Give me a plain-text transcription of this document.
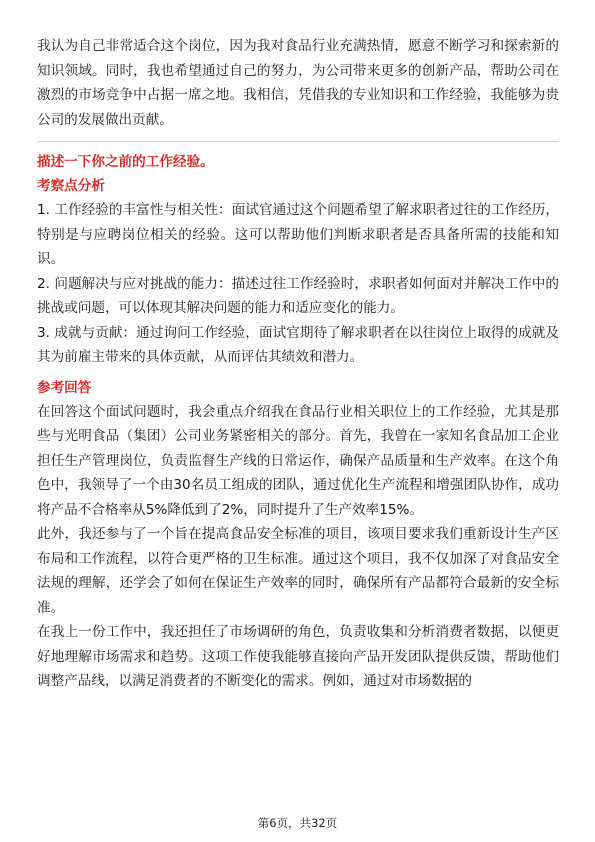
我认为自己非常适合这个岗位，因为我对食品行业充满热情，愿意不断学习和探索新的知识领域。同时，我也希望通过自己的努力，为公司带来更多的创新产品，帮助公司在激烈的市场竞争中占据一席之地。我相信，凭借我的专业知识和工作经验，我能够为贵公司的发展做出贡献。

描述一下你之前的工作经验。
考察点分析

1. 工作经验的丰富性与相关性：面试官通过这个问题希望了解求职者过往的工作经历，特别是与应聘岗位相关的经验。这可以帮助他们判断求职者是否具备所需的技能和知识。

2. 问题解决与应对挑战的能力：描述过往工作经验时，求职者如何面对并解决工作中的挑战或问题，可以体现其解决问题的能力和适应变化的能力。

3. 成就与贡献：通过询问工作经验，面试官期待了解求职者在以往岗位上取得的成就及其为前雇主带来的具体贡献，从而评估其绩效和潜力。

参考回答

在回答这个面试问题时，我会重点介绍我在食品行业相关职位上的工作经验，尤其是那些与光明食品（集团）公司业务紧密相关的部分。首先，我曾在一家知名食品加工企业担任生产管理岗位，负责监督生产线的日常运作，确保产品质量和生产效率。在这个角色中，我领导了一个由30名员工组成的团队，通过优化生产流程和增强团队协作，成功将产品不合格率从5%降低到了2%，同时提升了生产效率15%。

此外，我还参与了一个旨在提高食品安全标准的项目，该项目要求我们重新设计生产区布局和工作流程，以符合更严格的卫生标准。通过这个项目，我不仅加深了对食品安全法规的理解，还学会了如何在保证生产效率的同时，确保所有产品都符合最新的安全标准。

在我上一份工作中，我还担任了市场调研的角色，负责收集和分析消费者数据，以便更好地理解市场需求和趋势。这项工作使我能够直接向产品开发团队提供反馈，帮助他们调整产品线，以满足消费者的不断变化的需求。例如，通过对市场数据的

第6页，共32页
